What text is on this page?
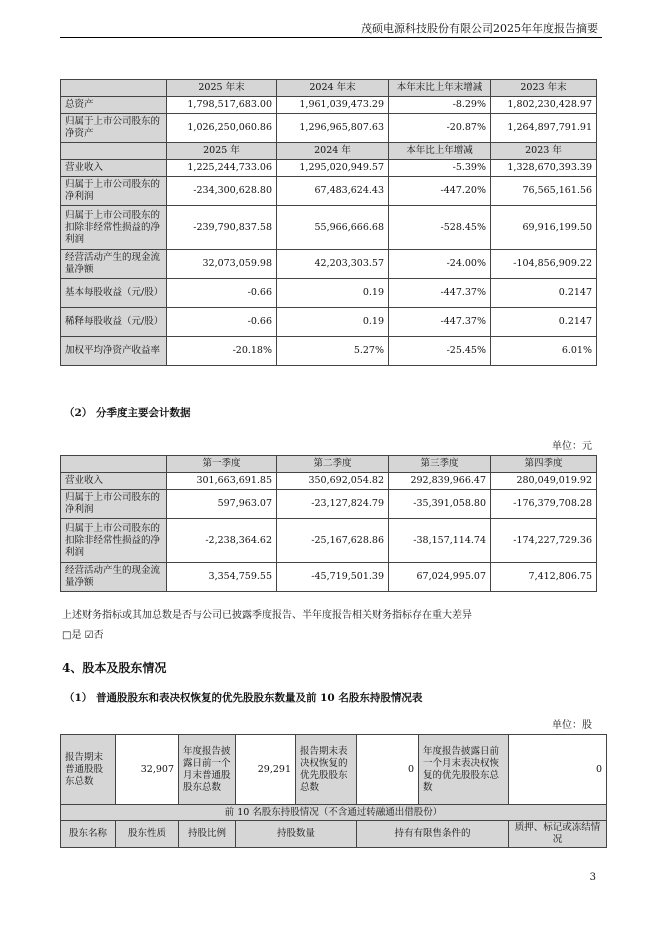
茂硕电源科技股份有限公司2025年年度报告摘要
	2025 年末	2024 年末	本年末比上年末增减	2023 年末
总资产	1,798,517,683.00	1,961,039,473.29	-8.29%	1,802,230,428.97
归属于上市公司股东的净资产	1,026,250,060.86	1,296,965,807.63	-20.87%	1,264,897,791.91
	2025 年	2024 年	本年比上年增减	2023 年
营业收入	1,225,244,733.06	1,295,020,949.57	-5.39%	1,328,670,393.39
归属于上市公司股东的净利润	-234,300,628.80	67,483,624.43	-447.20%	76,565,161.56
归属于上市公司股东的扣除非经常性损益的净利润	-239,790,837.58	55,966,666.68	-528.45%	69,916,199.50
经营活动产生的现金流量净额	32,073,059.98	42,203,303.57	-24.00%	-104,856,909.22
基本每股收益（元/股）	-0.66	0.19	-447.37%	0.2147
稀释每股收益（元/股）	-0.66	0.19	-447.37%	0.2147
加权平均净资产收益率	-20.18%	5.27%	-25.45%	6.01%
（2） 分季度主要会计数据
单位：元
	第一季度	第二季度	第三季度	第四季度
营业收入	301,663,691.85	350,692,054.82	292,839,966.47	280,049,019.92
归属于上市公司股东的净利润	597,963.07	-23,127,824.79	-35,391,058.80	-176,379,708.28
归属于上市公司股东的扣除非经常性损益的净利润	-2,238,364.62	-25,167,628.86	-38,157,114.74	-174,227,729.36
经营活动产生的现金流量净额	3,354,759.55	-45,719,501.39	67,024,995.07	7,412,806.75
上述财务指标或其加总数是否与公司已披露季度报告、半年度报告相关财务指标存在重大差异
□是 ☑否
4、股本及股东情况
（1） 普通股股东和表决权恢复的优先股股东数量及前 10 名股东持股情况表
单位：股
报告期末普通股股东总数	32,907	年度报告披露日前一个月末普通股股东总数	29,291	报告期末表决权恢复的优先股股东总数	0	年度报告披露日前一个月末表决权恢复的优先股股东总数	0
前 10 名股东持股情况（不含通过转融通出借股份）							
股东名称	股东性质	持股比例	持股数量		持有有限售条件的		质押、标记或冻结情况
3
